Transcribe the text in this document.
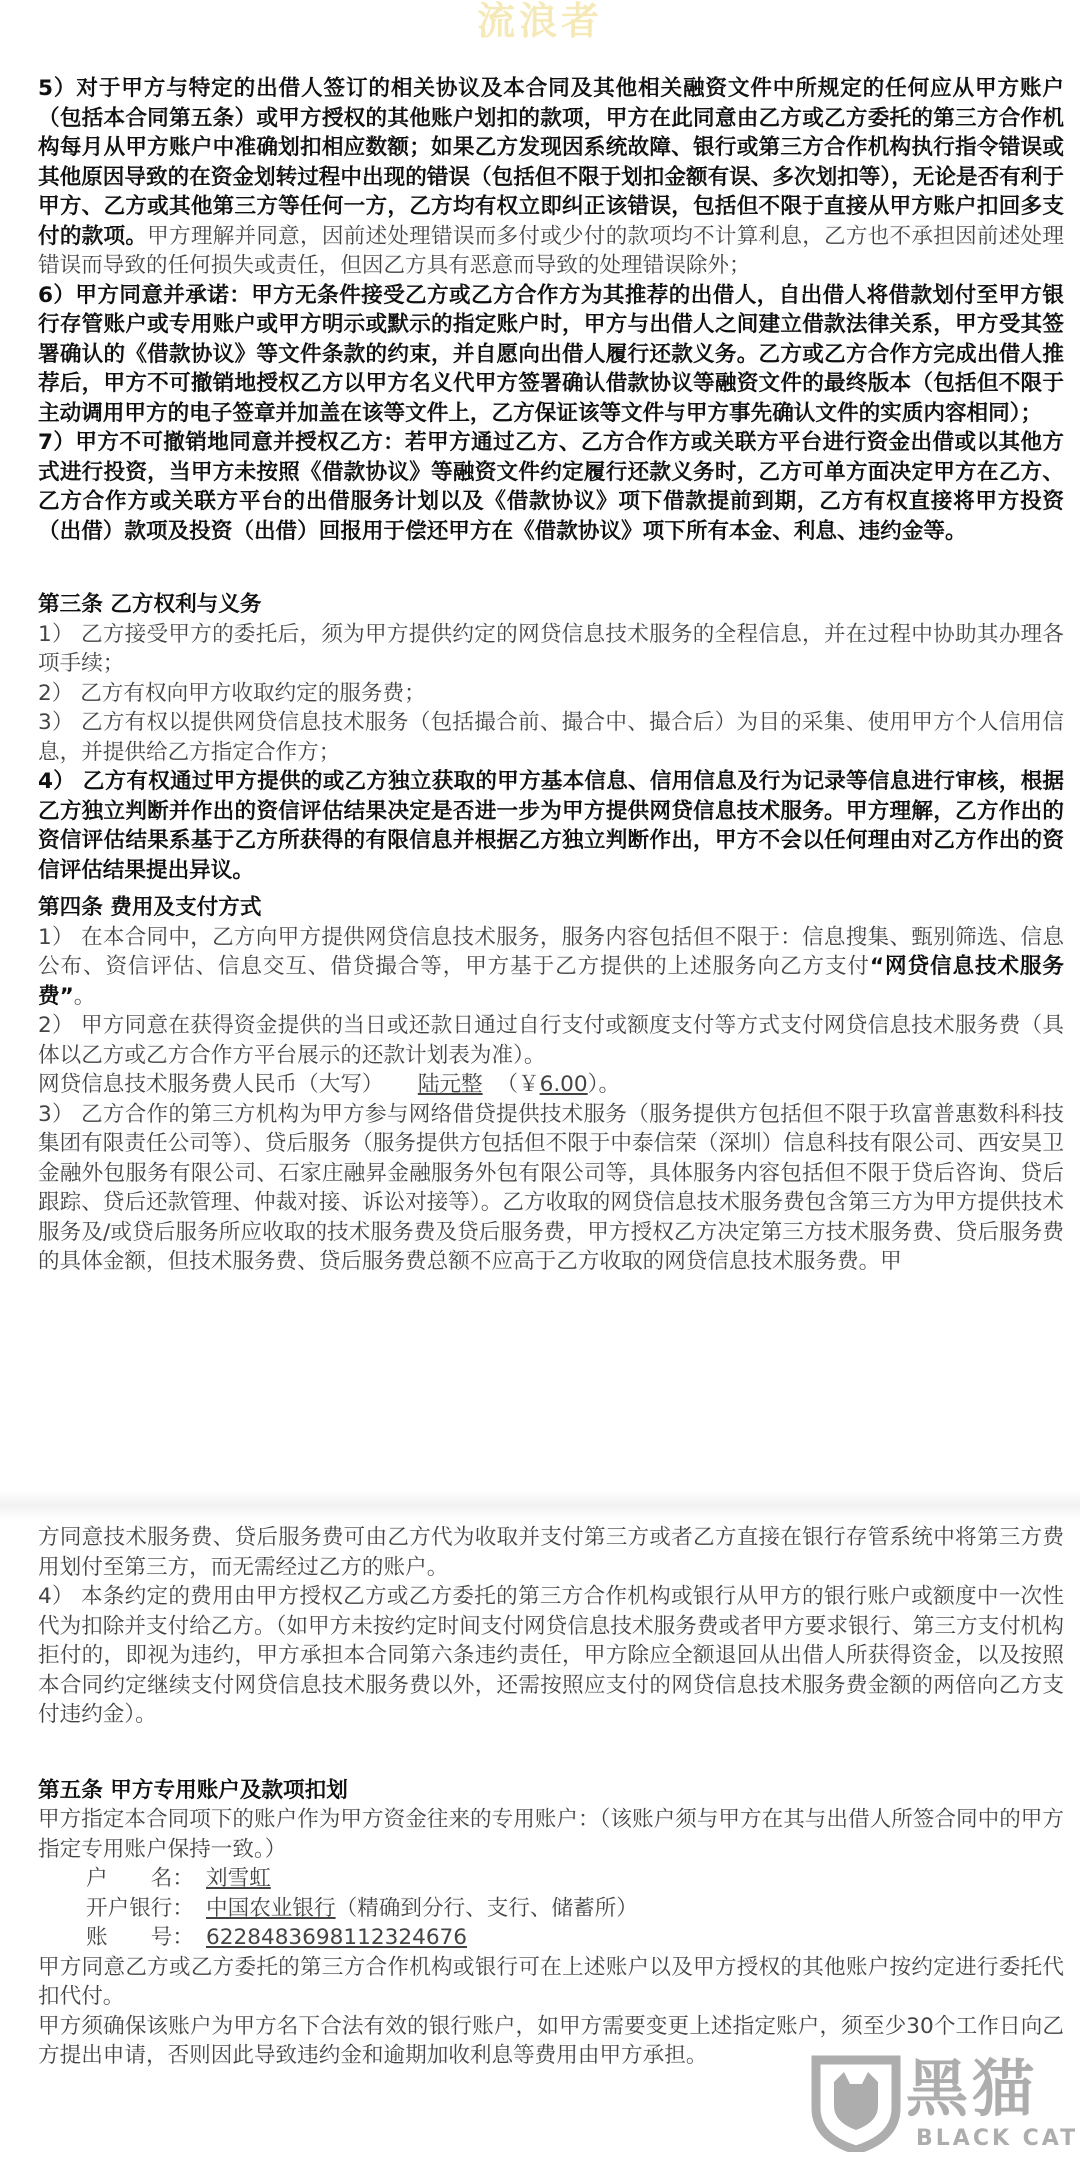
流浪者

5）对于甲方与特定的出借人签订的相关协议及本合同及其他相关融资文件中所规定的任何应从甲方账户（包括本合同第五条）或甲方授权的其他账户划扣的款项，甲方在此同意由乙方或乙方委托的第三方合作机构每月从甲方账户中准确划扣相应数额；如果乙方发现因系统故障、银行或第三方合作机构执行指令错误或其他原因导致的在资金划转过程中出现的错误（包括但不限于划扣金额有误、多次划扣等），无论是否有利于甲方、乙方或其他第三方等任何一方，乙方均有权立即纠正该错误，包括但不限于直接从甲方账户扣回多支付的款项。甲方理解并同意，因前述处理错误而多付或少付的款项均不计算利息，乙方也不承担因前述处理错误而导致的任何损失或责任，但因乙方具有恶意而导致的处理错误除外；

6）甲方同意并承诺：甲方无条件接受乙方或乙方合作方为其推荐的出借人，自出借人将借款划付至甲方银行存管账户或专用账户或甲方明示或默示的指定账户时，甲方与出借人之间建立借款法律关系，甲方受其签署确认的《借款协议》等文件条款的约束，并自愿向出借人履行还款义务。乙方或乙方合作方完成出借人推荐后，甲方不可撤销地授权乙方以甲方名义代甲方签署确认借款协议等融资文件的最终版本（包括但不限于主动调用甲方的电子签章并加盖在该等文件上，乙方保证该等文件与甲方事先确认文件的实质内容相同）；

7）甲方不可撤销地同意并授权乙方：若甲方通过乙方、乙方合作方或关联方平台进行资金出借或以其他方式进行投资，当甲方未按照《借款协议》等融资文件约定履行还款义务时，乙方可单方面决定甲方在乙方、乙方合作方或关联方平台的出借服务计划以及《借款协议》项下借款提前到期，乙方有权直接将甲方投资（出借）款项及投资（出借）回报用于偿还甲方在《借款协议》项下所有本金、利息、违约金等。

第三条 乙方权利与义务

1） 乙方接受甲方的委托后，须为甲方提供约定的网贷信息技术服务的全程信息，并在过程中协助其办理各项手续；

2） 乙方有权向甲方收取约定的服务费；

3） 乙方有权以提供网贷信息技术服务（包括撮合前、撮合中、撮合后）为目的采集、使用甲方个人信用信息，并提供给乙方指定合作方；

4） 乙方有权通过甲方提供的或乙方独立获取的甲方基本信息、信用信息及行为记录等信息进行审核，根据乙方独立判断并作出的资信评估结果决定是否进一步为甲方提供网贷信息技术服务。甲方理解，乙方作出的资信评估结果系基于乙方所获得的有限信息并根据乙方独立判断作出，甲方不会以任何理由对乙方作出的资信评估结果提出异议。

第四条 费用及支付方式

1） 在本合同中，乙方向甲方提供网贷信息技术服务，服务内容包括但不限于：信息搜集、甄别筛选、信息公布、资信评估、信息交互、借贷撮合等，甲方基于乙方提供的上述服务向乙方支付“网贷信息技术服务费”。

2） 甲方同意在获得资金提供的当日或还款日通过自行支付或额度支付等方式支付网贷信息技术服务费（具体以乙方或乙方合作方平台展示的还款计划表为准）。

网贷信息技术服务费人民币（大写） 陆元整 （￥6.00）。

3） 乙方合作的第三方机构为甲方参与网络借贷提供技术服务（服务提供方包括但不限于玖富普惠数科科技集团有限责任公司等）、贷后服务（服务提供方包括但不限于中泰信荣（深圳）信息科技有限公司、西安昊卫金融外包服务有限公司、石家庄融昇金融服务外包有限公司等，具体服务内容包括但不限于贷后咨询、贷后跟踪、贷后还款管理、仲裁对接、诉讼对接等）。乙方收取的网贷信息技术服务费包含第三方为甲方提供技术服务及/或贷后服务所应收取的技术服务费及贷后服务费，甲方授权乙方决定第三方技术服务费、贷后服务费的具体金额，但技术服务费、贷后服务费总额不应高于乙方收取的网贷信息技术服务费。甲

方同意技术服务费、贷后服务费可由乙方代为收取并支付第三方或者乙方直接在银行存管系统中将第三方费用划付至第三方，而无需经过乙方的账户。

4） 本条约定的费用由甲方授权乙方或乙方委托的第三方合作机构或银行从甲方的银行账户或额度中一次性代为扣除并支付给乙方。（如甲方未按约定时间支付网贷信息技术服务费或者甲方要求银行、第三方支付机构拒付的，即视为违约，甲方承担本合同第六条违约责任，甲方除应全额退回从出借人所获得资金，以及按照本合同约定继续支付网贷信息技术服务费以外，还需按照应支付的网贷信息技术服务费金额的两倍向乙方支付违约金）。

第五条 甲方专用账户及款项扣划

甲方指定本合同项下的账户作为甲方资金往来的专用账户：（该账户须与甲方在其与出借人所签合同中的甲方指定专用账户保持一致。）

户　　名： 刘雪虹

开户银行： 中国农业银行（精确到分行、支行、储蓄所）

账　　号： 6228483698112324676

甲方同意乙方或乙方委托的第三方合作机构或银行可在上述账户以及甲方授权的其他账户按约定进行委托代扣代付。

甲方须确保该账户为甲方名下合法有效的银行账户，如甲方需要变更上述指定账户，须至少30个工作日向乙方提出申请，否则因此导致违约金和逾期加收利息等费用由甲方承担。	黑猫
BLACK CAT
